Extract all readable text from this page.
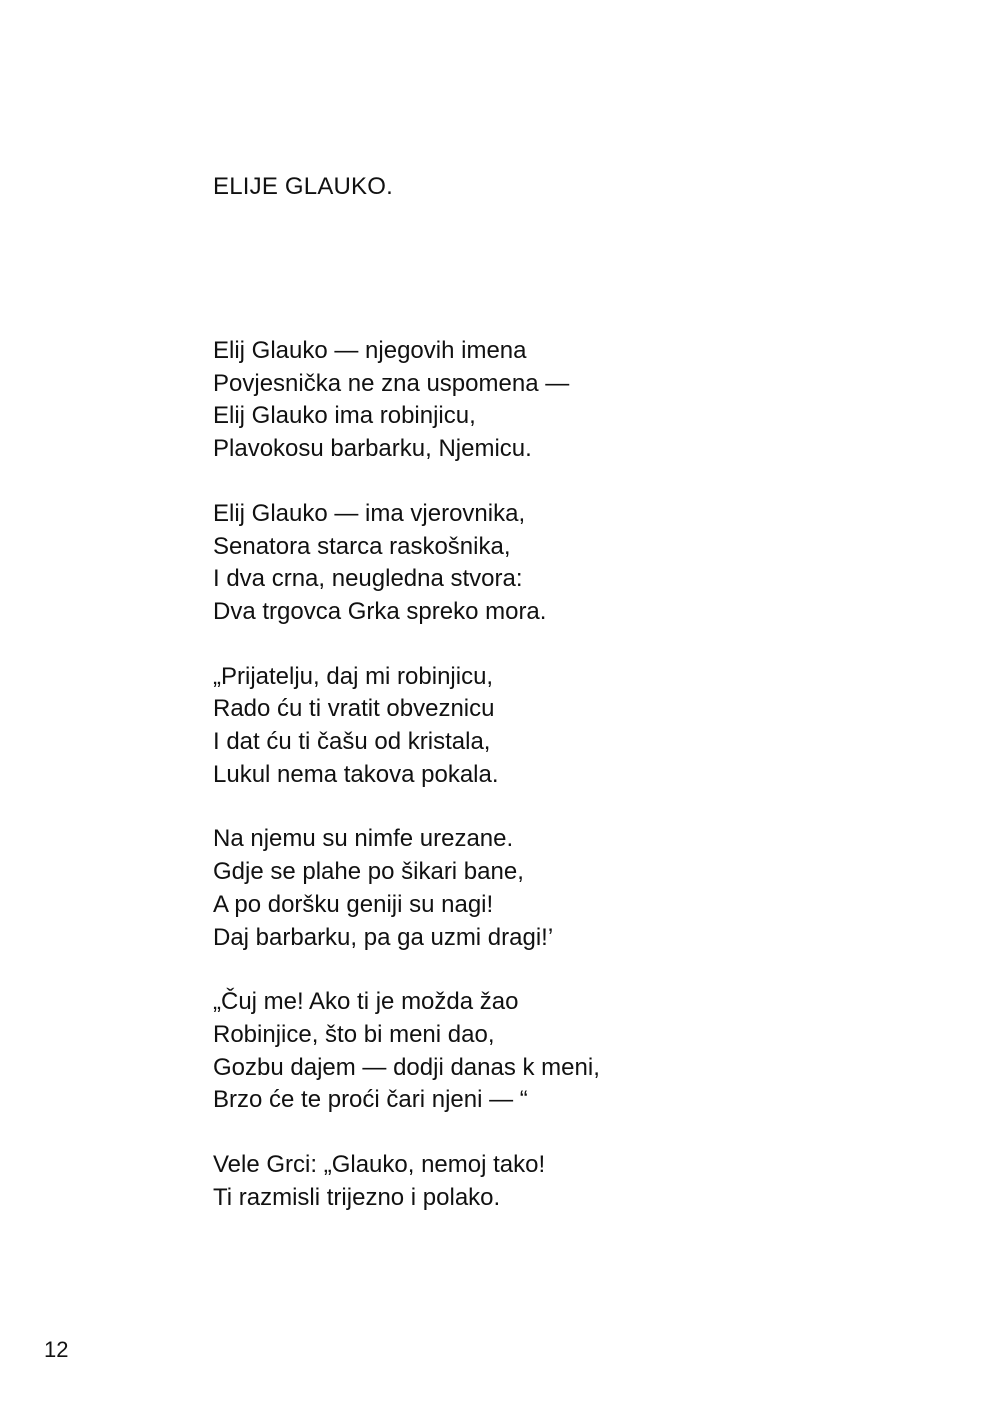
ELIJE GLAUKO.
Elij Glauko — njegovih imena
Povjesnička ne zna uspomena —
Elij Glauko ima robinjicu,
Plavokosu barbarku, Njemicu.
Elij Glauko — ima vjerovnika,
Senatora starca raskošnika,
I dva crna, neugledna stvora:
Dva trgovca Grka spreko mora.
„Prijatelju, daj mi robinjicu,
Rado ću ti vratit obveznicu
I dat ću ti čašu od kristala,
Lukul nema takova pokala.
Na njemu su nimfe urezane.
Gdje se plahe po šikari bane,
A po doršku geniji su nagi!
Daj barbarku, pa ga uzmi dragi!’
„Čuj me! Ako ti je možda žao
Robinjice, što bi meni dao,
Gozbu dajem — dodji danas k meni,
Brzo će te proći čari njeni — “
Vele Grci: „Glauko, nemoj tako!
Ti razmisli trijezno i polako.
12
